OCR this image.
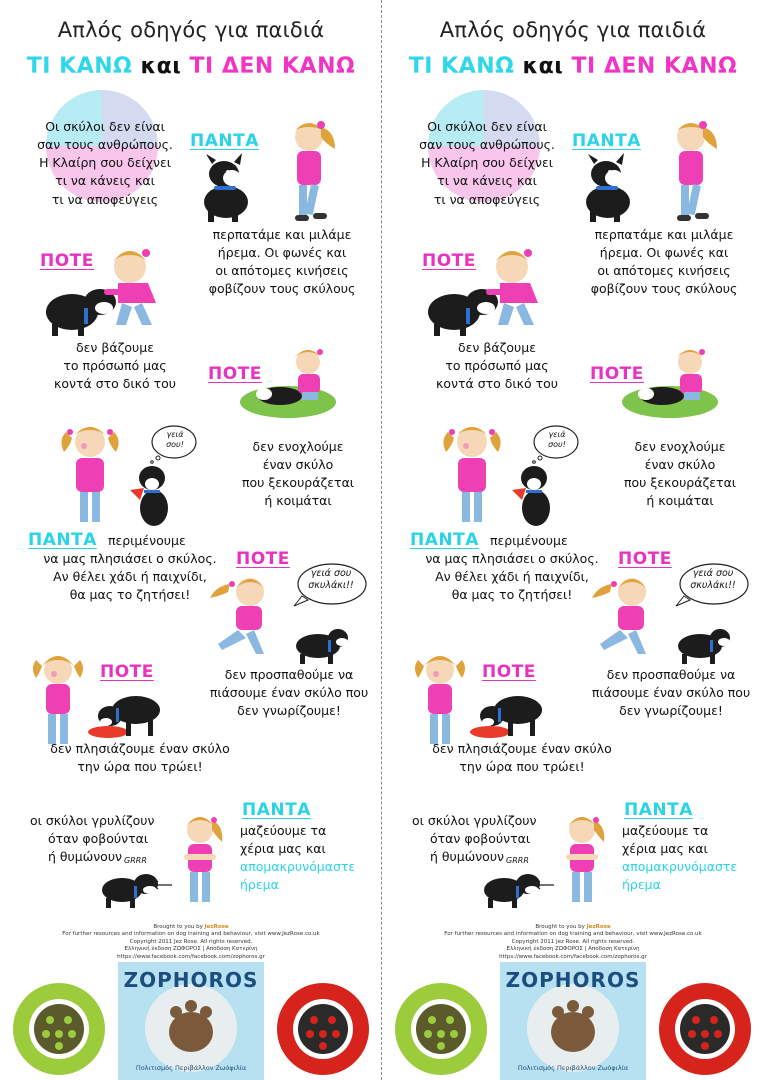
Απλός οδηγός για παιδιά
ΤΙ ΚΑΝΩ και ΤΙ ΔΕΝ ΚΑΝΩ
Οι σκύλοι δεν είναι
σαν τους ανθρώπους.
Η Κλαίρη σου δείχνει
τι να κάνεις και
τι να αποφεύγεις
ΠΑΝΤΑ
περπατάμε και μιλάμε
ήρεμα. Οι φωνές και
οι απότομες κινήσεις
φοβίζουν τους σκύλους
ΠΟΤΕ
δεν βάζουμε
το πρόσωπό μας
κοντά στο δικό του	ΠΟΤΕ
δεν ενοχλούμε
έναν σκύλο
που ξεκουράζεται
ή κοιμάται
γειά
σου!
ΠΑΝΤΑ περιμένουμε
να μας πλησιάσει ο σκύλος.
Αν θέλει χάδι ή παιχνίδι,
θα μας το ζητήσει!
ΠΟΤΕ
γειά σου
σκυλάκι!!
δεν προσπαθούμε να
πιάσουμε έναν σκύλο που
δεν γνωρίζουμε!
ΠΟΤΕ
δεν πλησιάζουμε έναν σκύλο
την ώρα που τρώει!
οι σκύλοι γρυλίζουν
όταν φοβούνται
ή θυμώνουν GRRR
ΠΑΝΤΑ
μαζεύουμε τα
χέρια μας και
απομακρυνόμαστε
ήρεμα
Brought to you by JezRose
For further resources and information on dog training and behaviour, visit www.JezRose.co.uk
Copyright 2011 Jez Rose. All rights reserved.
Ελληνική έκδοση ΖΩΦΟΡΟΣ | Απόδοση Κατερίνη
https://www.facebook.com/facebook.com/zophoros.gr
ZOPHOROS
Πολιτισμός Περιβάλλον Ζωόφιλία
Απλός οδηγός για παιδιά
ΤΙ ΚΑΝΩ και ΤΙ ΔΕΝ ΚΑΝΩ
Οι σκύλοι δεν είναι
σαν τους ανθρώπους.
Η Κλαίρη σου δείχνει
τι να κάνεις και
τι να αποφεύγεις
ΠΑΝΤΑ
περπατάμε και μιλάμε
ήρεμα. Οι φωνές και
οι απότομες κινήσεις
φοβίζουν τους σκύλους
ΠΟΤΕ
δεν βάζουμε
το πρόσωπό μας
κοντά στο δικό του	ΠΟΤΕ
δεν ενοχλούμε
έναν σκύλο
που ξεκουράζεται
ή κοιμάται
γειά
σου!
ΠΑΝΤΑ περιμένουμε
να μας πλησιάσει ο σκύλος.
Αν θέλει χάδι ή παιχνίδι,
θα μας το ζητήσει!
ΠΟΤΕ
γειά σου
σκυλάκι!!
δεν προσπαθούμε να
πιάσουμε έναν σκύλο που
δεν γνωρίζουμε!
ΠΟΤΕ
δεν πλησιάζουμε έναν σκύλο
την ώρα που τρώει!
οι σκύλοι γρυλίζουν
όταν φοβούνται
ή θυμώνουν GRRR
ΠΑΝΤΑ
μαζεύουμε τα
χέρια μας και
απομακρυνόμαστε
ήρεμα
Brought to you by JezRose
For further resources and information on dog training and behaviour, visit www.JezRose.co.uk
Copyright 2011 Jez Rose. All rights reserved.
Ελληνική έκδοση ΖΩΦΟΡΟΣ | Απόδοση Κατερίνη
https://www.facebook.com/facebook.com/zophoros.gr
ZOPHOROS
Πολιτισμός Περιβάλλον Ζωόφιλία
